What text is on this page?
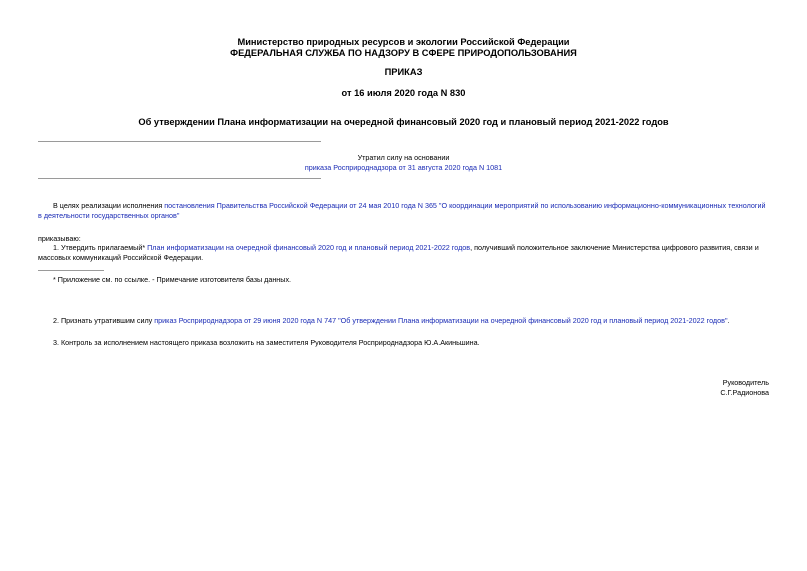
Министерство природных ресурсов и экологии Российской Федерации
ФЕДЕРАЛЬНАЯ СЛУЖБА ПО НАДЗОРУ В СФЕРЕ ПРИРОДОПОЛЬЗОВАНИЯ
ПРИКАЗ
от 16 июля 2020 года N 830
Об утверждении Плана информатизации на очередной финансовый 2020 год и плановый период 2021-2022 годов
Утратил силу на основании
приказа Росприроднадзора от 31 августа 2020 года N 1081
В целях реализации исполнения постановления Правительства Российской Федерации от 24 мая 2010 года N 365 "О координации мероприятий по использованию информационно-коммуникационных технологий в деятельности государственных органов"
приказываю:
1. Утвердить прилагаемый* План информатизации на очередной финансовый 2020 год и плановый период 2021-2022 годов, получивший положительное заключение Министерства цифрового развития, связи и массовых коммуникаций Российской Федерации.
* Приложение см. по ссылке. - Примечание изготовителя базы данных.
2. Признать утратившим силу приказ Росприроднадзора от 29 июня 2020 года N 747 "Об утверждении Плана информатизации на очередной финансовый 2020 год и плановый период 2021-2022 годов".
3. Контроль за исполнением настоящего приказа возложить на заместителя Руководителя Росприроднадзора Ю.А.Акиньшина.
Руководитель
С.Г.Радионова
